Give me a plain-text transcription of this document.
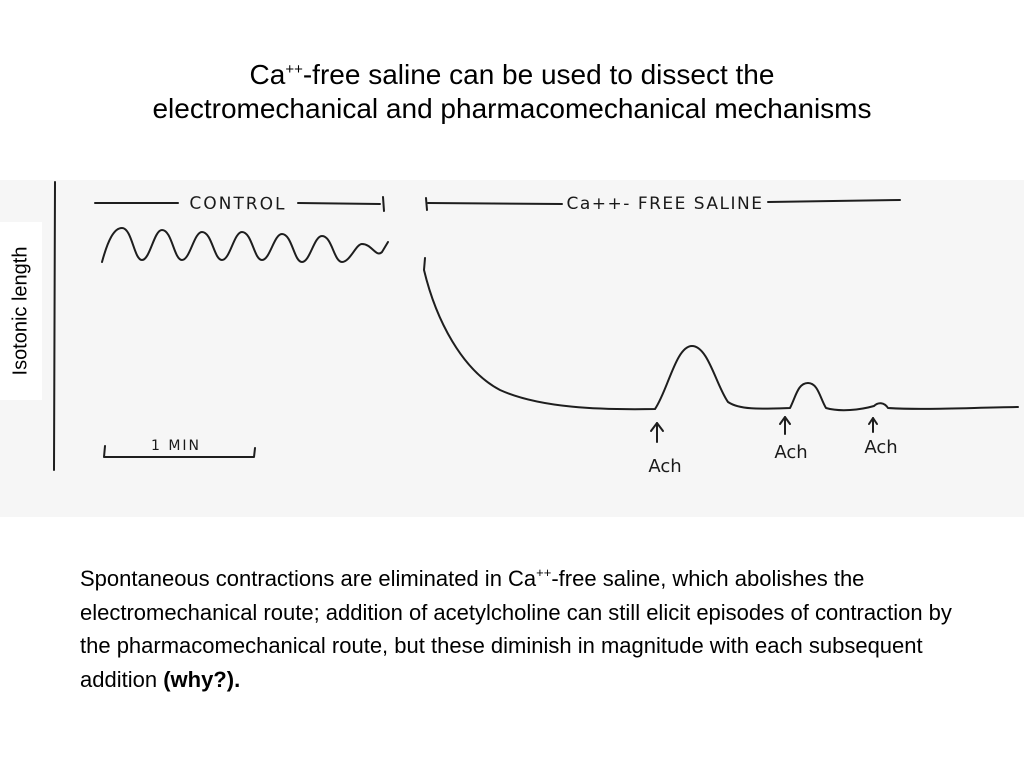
Ca++-free saline can be used to dissect the
electromechanical and pharmacomechanical mechanisms
CONTROL	Ca++- FREE SALINE
1 MIN
Ach
Ach	Ach
Isotonic length
Spontaneous contractions are eliminated in Ca++-free saline, which abolishes the electromechanical route; addition of acetylcholine can still elicit episodes of contraction by the pharmacomechanical route, but these diminish in magnitude with each subsequent addition (why?).
